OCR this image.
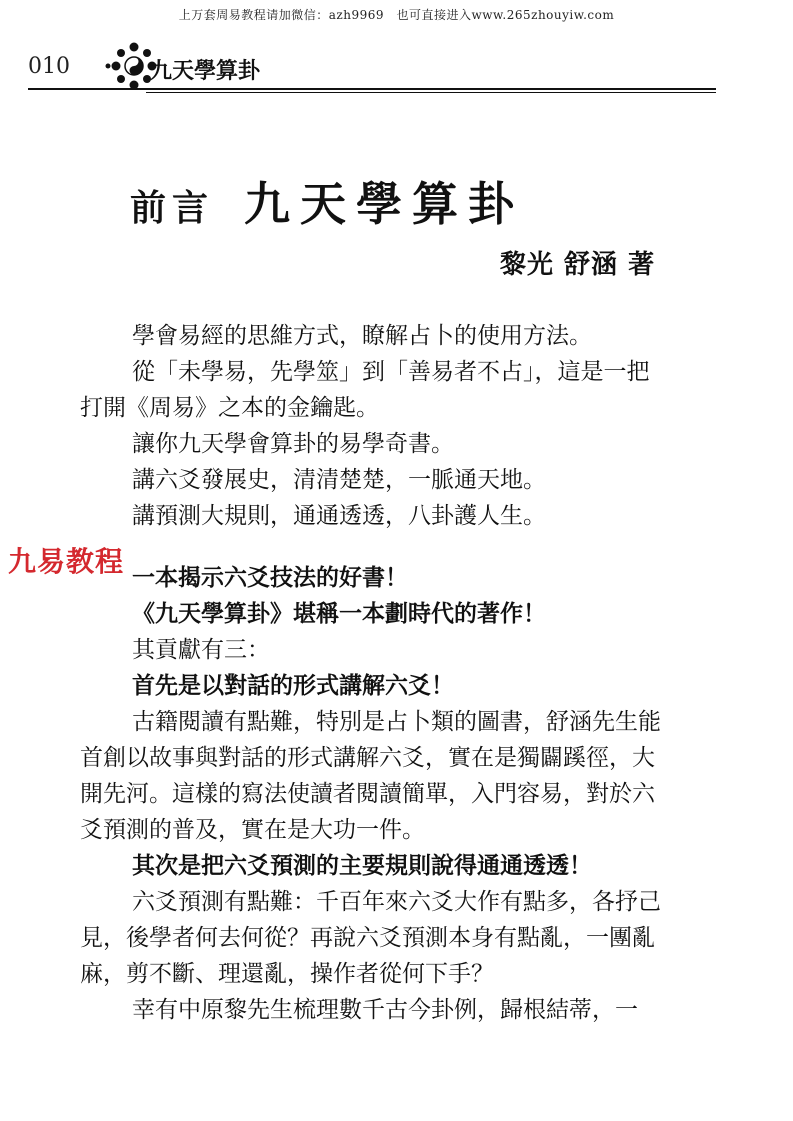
上万套周易教程请加微信：azh9969　也可直接进入www.265zhouyiw.com
010	九天學算卦
前言 九天學算卦
黎光 舒涵 著

學會易經的思維方式，瞭解占卜的使用方法。

從「未學易，先學筮」到「善易者不占」，這是一把

打開《周易》之本的金鑰匙。

讓你九天學會算卦的易學奇書。

講六爻發展史，清清楚楚，一脈通天地。

講預測大規則，通通透透，八卦護人生。

一本揭示六爻技法的好書！

《九天學算卦》堪稱一本劃時代的著作！

其貢獻有三：

首先是以對話的形式講解六爻！

古籍閱讀有點難，特別是占卜類的圖書，舒涵先生能

首創以故事與對話的形式講解六爻，實在是獨闢蹊徑，大

開先河。這樣的寫法使讀者閱讀簡單，入門容易，對於六

爻預測的普及，實在是大功一件。

其次是把六爻預測的主要規則說得通通透透！

六爻預測有點難：千百年來六爻大作有點多，各抒己

見，後學者何去何從？再說六爻預測本身有點亂，一團亂

麻，剪不斷、理還亂，操作者從何下手？

幸有中原黎先生梳理數千古今卦例，歸根結蒂，一

九易教程
